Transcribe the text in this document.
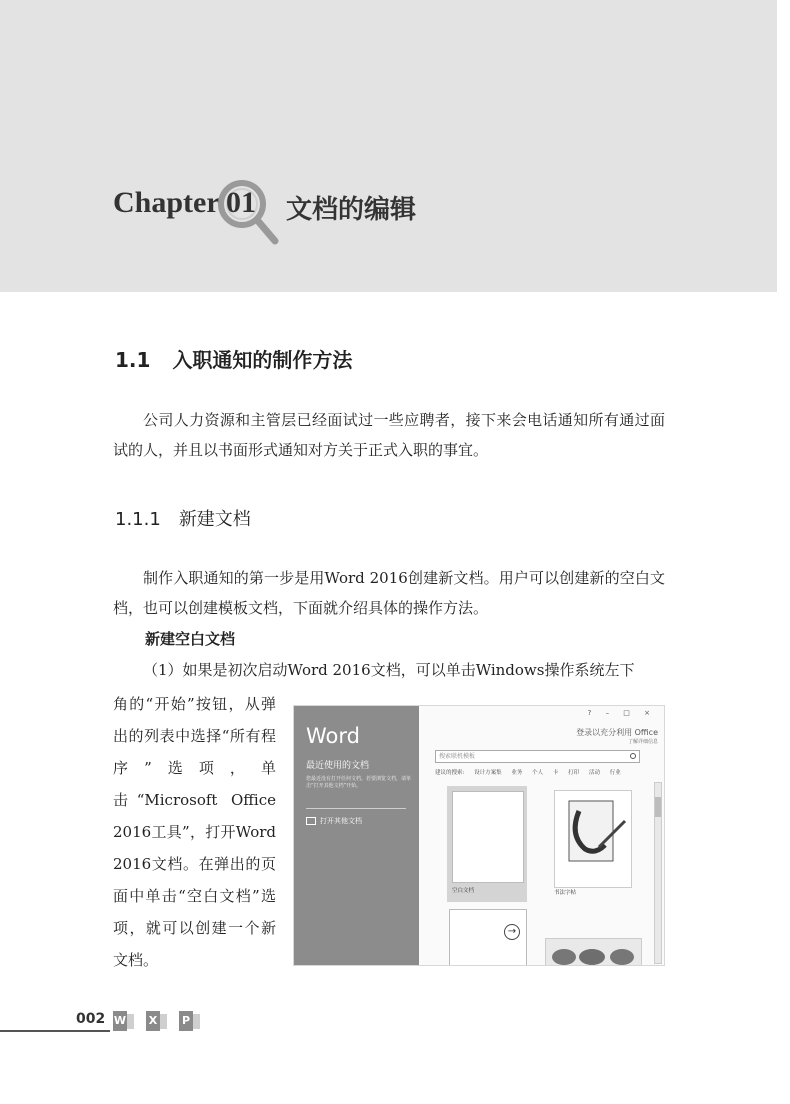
Chapter 01 文档的编辑
1.1 入职通知的制作方法

公司人力资源和主管层已经面试过一些应聘者，接下来会电话通知所有通过面试的人，并且以书面形式通知对方关于正式入职的事宜。

1.1.1 新建文档

制作入职通知的第一步是用Word 2016创建新文档。用户可以创建新的空白文档，也可以创建模板文档，下面就介绍具体的操作方法。

新建空白文档

（1）如果是初次启动Word 2016文档，可以单击Windows操作系统左下

角的“开始”按钮，从弹出的列表中选择“所有程序”选项，单击“Microsoft Office 2016工具”，打开Word 2016文档。在弹出的页面中单击“空白文档”选项，就可以创建一个新文档。

Word
最近使用的文档
您最近没有打开任何文档。若要浏览文档，请单击“打开其他文档”开始。
打开其他文档
? – □ ×
登录以充分利用 Office
了解详细信息
搜索联机模板
建议的搜索: 设计方案集 业务 个人 卡 打印 活动 行业
空白文档	书法字帖
→
002 W X P
